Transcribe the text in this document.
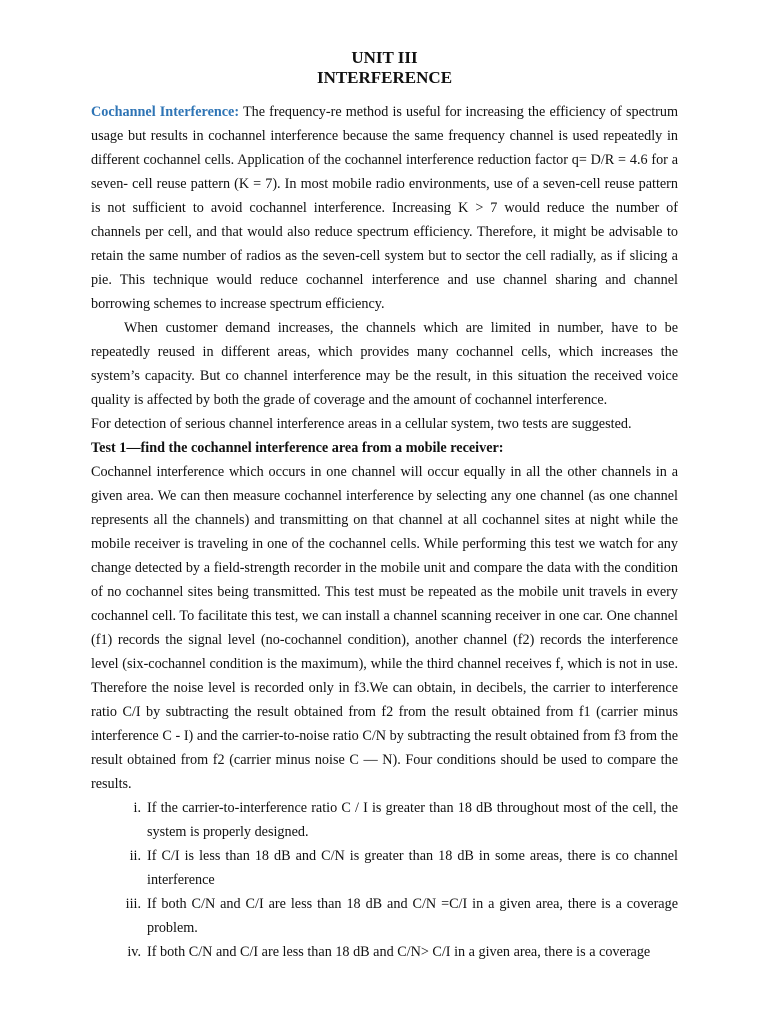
UNIT III
INTERFERENCE

Cochannel Interference: The frequency-re method is useful for increasing the efficiency of spectrum usage but results in cochannel interference because the same frequency channel is used repeatedly in different cochannel cells. Application of the cochannel interference reduction factor q= D/R = 4.6 for a seven- cell reuse pattern (K = 7). In most mobile radio environments, use of a seven-cell reuse pattern is not sufficient to avoid cochannel interference. Increasing K > 7 would reduce the number of channels per cell, and that would also reduce spectrum efficiency. Therefore, it might be advisable to retain the same number of radios as the seven-cell system but to sector the cell radially, as if slicing a pie. This technique would reduce cochannel interference and use channel sharing and channel borrowing schemes to increase spectrum efficiency.

When customer demand increases, the channels which are limited in number, have to be repeatedly reused in different areas, which provides many cochannel cells, which increases the system’s capacity. But co channel interference may be the result, in this situation the received voice quality is affected by both the grade of coverage and the amount of cochannel interference.

For detection of serious channel interference areas in a cellular system, two tests are suggested.

Test 1—find the cochannel interference area from a mobile receiver:

Cochannel interference which occurs in one channel will occur equally in all the other channels in a given area. We can then measure cochannel interference by selecting any one channel (as one channel represents all the channels) and transmitting on that channel at all cochannel sites at night while the mobile receiver is traveling in one of the cochannel cells. While performing this test we watch for any change detected by a field-strength recorder in the mobile unit and compare the data with the condition of no cochannel sites being transmitted. This test must be repeated as the mobile unit travels in every cochannel cell. To facilitate this test, we can install a channel scanning receiver in one car. One channel (f1) records the signal level (no-cochannel condition), another channel (f2) records the interference level (six-cochannel condition is the maximum), while the third channel receives f, which is not in use. Therefore the noise level is recorded only in f3.We can obtain, in decibels, the carrier to interference ratio C/I by subtracting the result obtained from f2 from the result obtained from f1 (carrier minus interference C - I) and the carrier-to-noise ratio C/N by subtracting the result obtained from f3 from the result obtained from f2 (carrier minus noise C — N). Four conditions should be used to compare the results.

i. If the carrier-to-interference ratio C / I is greater than 18 dB throughout most of the cell, the system is properly designed.
ii. If C/I is less than 18 dB and C/N is greater than 18 dB in some areas, there is co channel interference
iii. If both C/N and C/I are less than 18 dB and C/N =C/I in a given area, there is a coverage problem.
iv. If both C/N and C/I are less than 18 dB and C/N> C/I in a given area, there is a coverage
